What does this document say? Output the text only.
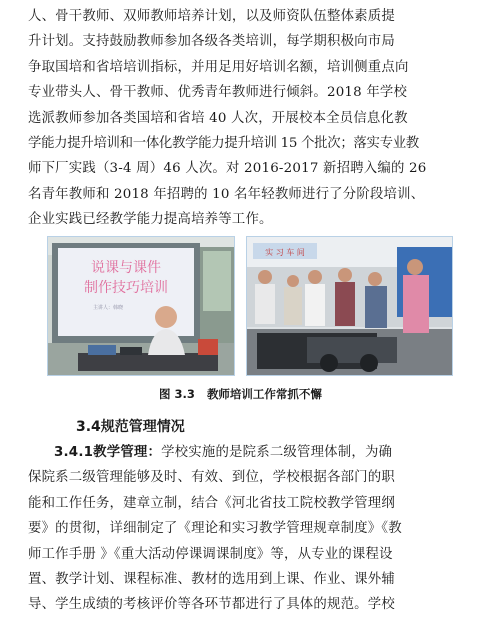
人、骨干教师、双师教师培养计划，以及师资队伍整体素质提
升计划。支持鼓励教师参加各级各类培训，每学期积极向市局
争取国培和省培培训指标，并用足用好培训名额，培训侧重点向
专业带头人、骨干教师、优秀青年教师进行倾斜。2018 年学校
选派教师参加各类国培和省培 40 人次，开展校本全员信息化教
学能力提升培训和一体化教学能力提升培训 15 个批次；落实专业教
师下厂实践（3-4 周）46 人次。对 2016-2017 新招聘入编的 26
名青年教师和 2018 年招聘的 10 名年轻教师进行了分阶段培训、
企业实践已经教学能力提高培养等工作。
说课与课件
制作技巧培训
主讲人：韩晓
实 习 车 间
图 3.3 教师培训工作常抓不懈
3.4规范管理情况
3.4.1教学管理：学校实施的是院系二级管理体制，为确
保院系二级管理能够及时、有效、到位，学校根据各部门的职
能和工作任务，建章立制，结合《河北省技工院校教学管理纲
要》的贯彻，详细制定了《理论和实习教学管理规章制度》《教
师工作手册 》《重大活动停课调课制度》等，从专业的课程设
置、教学计划、课程标准、教材的选用到上课、作业、课外辅
导、学生成绩的考核评价等各环节都进行了具体的规范。学校
